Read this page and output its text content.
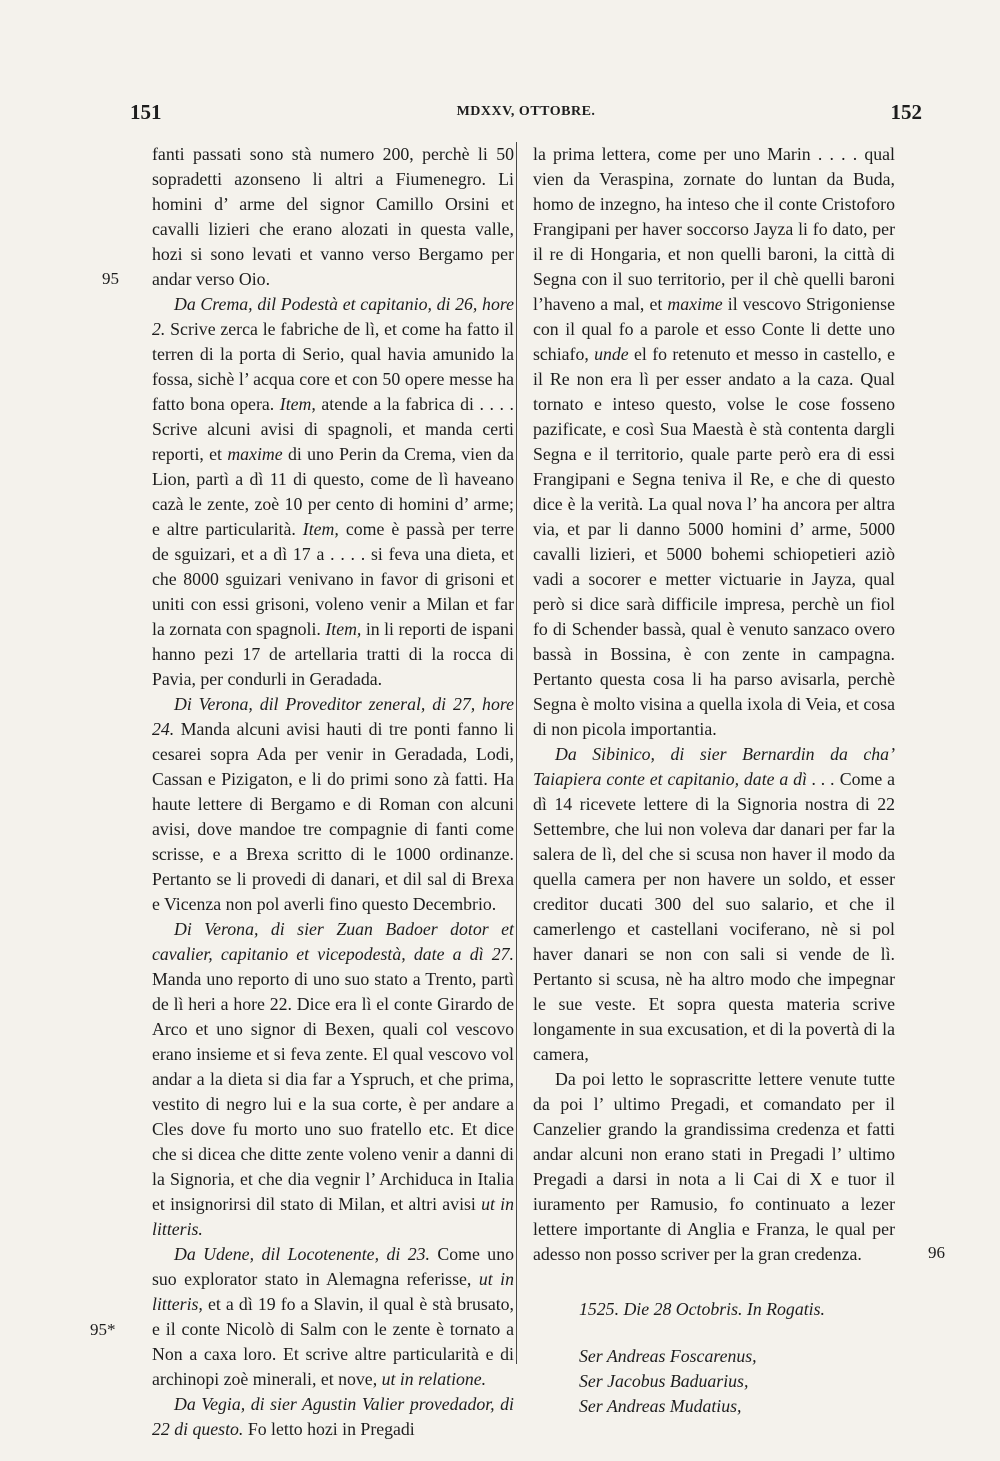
151	MDXXV, OTTOBRE.	152
95
95*
96

fanti passati sono stà numero 200, perchè li 50 sopradetti azonseno li altri a Fiumenegro. Li homini d’ arme del signor Camillo Orsini et cavalli lizieri che erano alozati in questa valle, hozi si sono levati et vanno verso Bergamo per andar verso Oio.

Da Crema, dil Podestà et capitanio, di 26, hore 2. Scrive zerca le fabriche de lì, et come ha fatto il terren di la porta di Serio, qual havia amunido la fossa, sichè l’ acqua core et con 50 opere messe ha fatto bona opera. Item, atende a la fabrica di . . . . Scrive alcuni avisi di spagnoli, et manda certi reporti, et maxime di uno Perin da Crema, vien da Lion, partì a dì 11 di questo, come de lì haveano cazà le zente, zoè 10 per cento di homini d’ arme; e altre particularità. Item, come è passà per terre de sguizari, et a dì 17 a . . . . si feva una dieta, et che 8000 sguizari venivano in favor di grisoni et uniti con essi grisoni, voleno venir a Milan et far la zornata con spagnoli. Item, in li reporti de ispani hanno pezi 17 de artellaria tratti di la rocca di Pavia, per condurli in Geradada.

Di Verona, dil Proveditor zeneral, di 27, hore 24. Manda alcuni avisi hauti di tre ponti fanno li cesarei sopra Ada per venir in Geradada, Lodi, Cassan e Pizigaton, e li do primi sono zà fatti. Ha haute lettere di Bergamo e di Roman con alcuni avisi, dove mandoe tre compagnie di fanti come scrisse, e a Brexa scritto di le 1000 ordinanze. Pertanto se li provedi di danari, et dil sal di Brexa e Vicenza non pol averli fino questo Decembrio.

Di Verona, di sier Zuan Badoer dotor et cavalier, capitanio et vicepodestà, date a dì 27. Manda uno reporto di uno suo stato a Trento, partì de lì heri a hore 22. Dice era lì el conte Girardo de Arco et uno signor di Bexen, quali col vescovo erano insieme et si feva zente. El qual vescovo vol andar a la dieta si dia far a Yspruch, et che prima, vestito di negro lui e la sua corte, è per andare a Cles dove fu morto uno suo fratello etc. Et dice che si dicea che ditte zente voleno venir a danni di la Signoria, et che dia vegnir l’ Archiduca in Italia et insignorirsi dil stato di Milan, et altri avisi ut in litteris.

Da Udene, dil Locotenente, di 23. Come uno suo explorator stato in Alemagna referisse, ut in litteris, et a dì 19 fo a Slavin, il qual è stà brusato, e il conte Nicolò di Salm con le zente è tornato a Non a caxa loro. Et scrive altre particularità e di archinopi zoè minerali, et nove, ut in relatione.

Da Vegia, di sier Agustin Valier provedador, di 22 di questo. Fo letto hozi in Pregadi

la prima lettera, come per uno Marin . . . . qual vien da Veraspina, zornate do luntan da Buda, homo de inzegno, ha inteso che il conte Cristoforo Frangipani per haver soccorso Jayza li fo dato, per il re di Hongaria, et non quelli baroni, la città di Segna con il suo territorio, per il chè quelli baroni l’haveno a mal, et maxime il vescovo Strigoniense con il qual fo a parole et esso Conte li dette uno schiafo, unde el fo retenuto et messo in castello, e il Re non era lì per esser andato a la caza. Qual tornato e inteso questo, volse le cose fosseno pazificate, e così Sua Maestà è stà contenta dargli Segna e il territorio, quale parte però era di essi Frangipani e Segna teniva il Re, e che di questo dice è la verità. La qual nova l’ ha ancora per altra via, et par li danno 5000 homini d’ arme, 5000 cavalli lizieri, et 5000 bohemi schiopetieri aziò vadi a socorer e metter victuarie in Jayza, qual però si dice sarà difficile impresa, perchè un fiol fo di Schender bassà, qual è venuto sanzaco overo bassà in Bossina, è con zente in campagna. Pertanto questa cosa li ha parso avisarla, perchè Segna è molto visina a quella ixola di Veia, et cosa di non picola importantia.

Da Sibinico, di sier Bernardin da cha’ Taiapiera conte et capitanio, date a dì . . . Come a dì 14 ricevete lettere di la Signoria nostra di 22 Settembre, che lui non voleva dar danari per far la salera de lì, del che si scusa non haver il modo da quella camera per non havere un soldo, et esser creditor ducati 300 del suo salario, et che il camerlengo et castellani vociferano, nè si pol haver danari se non con sali si vende de lì. Pertanto si scusa, nè ha altro modo che impegnar le sue veste. Et sopra questa materia scrive longamente in sua excusation, et di la povertà di la camera,

Da poi letto le soprascritte lettere venute tutte da poi l’ ultimo Pregadi, et comandato per il Canzelier grando la grandissima credenza et fatti andar alcuni non erano stati in Pregadi l’ ultimo Pregadi a darsi in nota a li Cai di X e tuor il iuramento per Ramusio, fo continuato a lezer lettere importante di Anglia e Franza, le qual per adesso non posso scriver per la gran credenza.

1525. Die 28 Octobris. In Rogatis.

Ser Andreas Foscarenus,
Ser Jacobus Baduarius,
Ser Andreas Mudatius,
